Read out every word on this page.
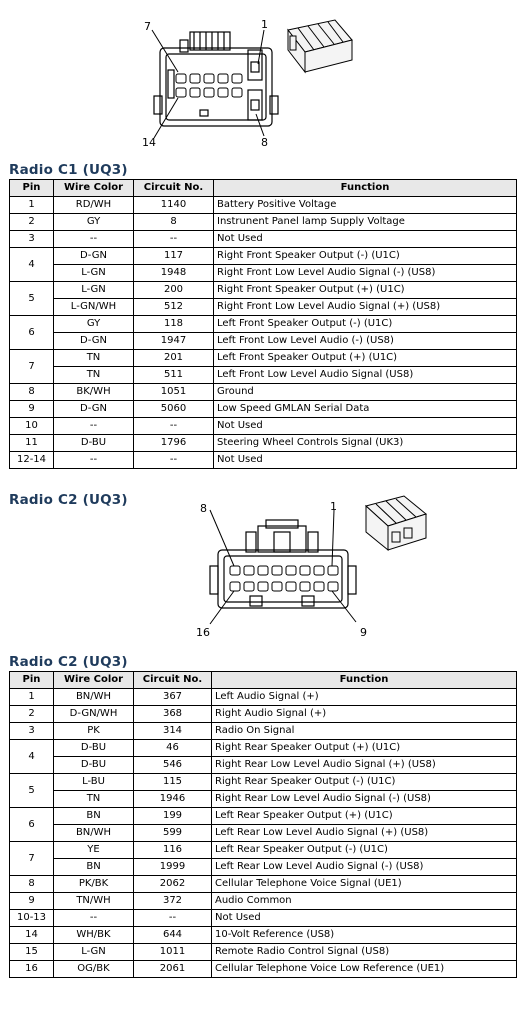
7	1
14	8
Radio C1 (UQ3)
Pin	Wire Color	Circuit No.	Function
1	RD/WH	1140	Battery Positive Voltage
2	GY	8	Instrunent Panel lamp Supply Voltage
3	--	--	Not Used
4	D-GN	117	Right Front Speaker Output (-) (U1C)
	L-GN	1948	Right Front Low Level Audio Signal (-) (US8)
5	L-GN	200	Right Front Speaker Output (+) (U1C)
	L-GN/WH	512	Right Front Low Level Audio Signal (+) (US8)
6	GY	118	Left Front Speaker Output (-) (U1C)
	D-GN	1947	Left Front Low Level Audio (-) (US8)
7	TN	201	Left Front Speaker Output (+) (U1C)
	TN	511	Left Front Low Level Audio Signal (US8)
8	BK/WH	1051	Ground
9	D-GN	5060	Low Speed GMLAN Serial Data
10	--	--	Not Used
11	D-BU	1796	Steering Wheel Controls Signal (UK3)
12-14	--	--	Not Used
Radio C2 (UQ3)
8	1
16	9
Radio C2 (UQ3)
Pin	Wire Color	Circuit No.	Function
1	BN/WH	367	Left Audio Signal (+)
2	D-GN/WH	368	Right Audio Signal (+)
3	PK	314	Radio On Signal
4	D-BU	46	Right Rear Speaker Output (+) (U1C)
	D-BU	546	Right Rear Low Level Audio Signal (+) (US8)
5	L-BU	115	Right Rear Speaker Output (-) (U1C)
	TN	1946	Right Rear Low Level Audio Signal (-) (US8)
6	BN	199	Left Rear Speaker Output (+) (U1C)
	BN/WH	599	Left Rear Low Level Audio Signal (+) (US8)
7	YE	116	Left Rear Speaker Output (-) (U1C)
	BN	1999	Left Rear Low Level Audio Signal (-) (US8)
8	PK/BK	2062	Cellular Telephone Voice Signal (UE1)
9	TN/WH	372	Audio Common
10-13	--	--	Not Used
14	WH/BK	644	10-Volt Reference (US8)
15	L-GN	1011	Remote Radio Control Signal (US8)
16	OG/BK	2061	Cellular Telephone Voice Low Reference (UE1)
